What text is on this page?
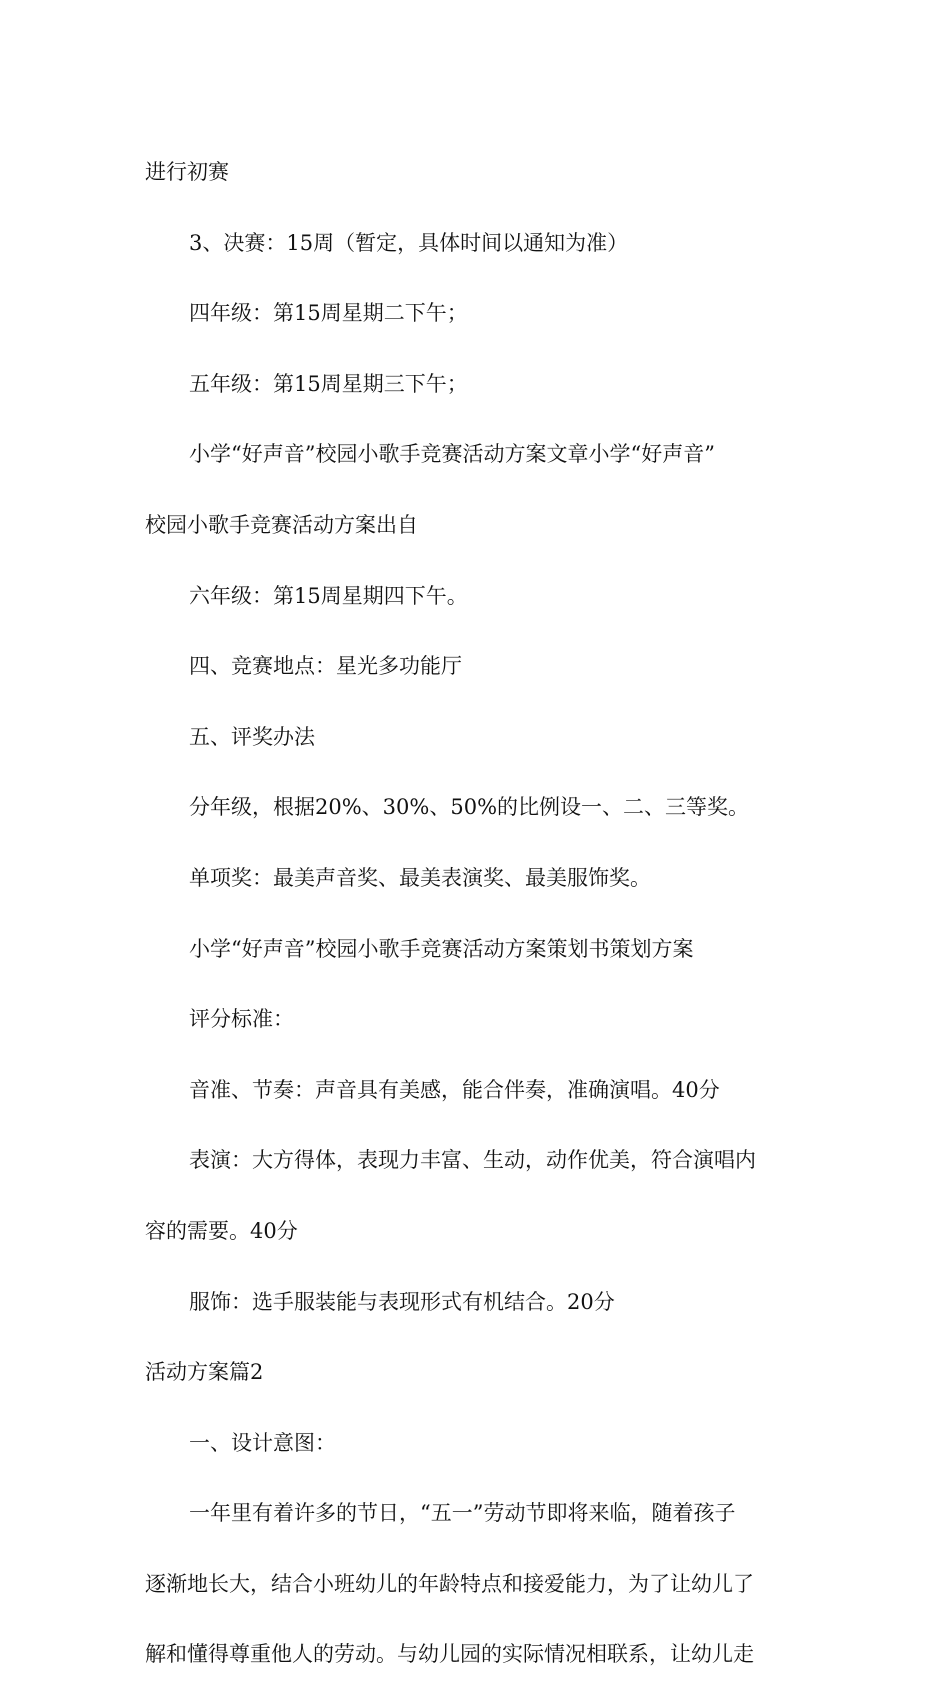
进行初赛

3、决赛：15周（暂定，具体时间以通知为准）

四年级：第15周星期二下午；

五年级：第15周星期三下午；

小学“好声音”校园小歌手竞赛活动方案文章小学“好声音”

校园小歌手竞赛活动方案出自

六年级：第15周星期四下午。

四、竞赛地点：星光多功能厅

五、评奖办法

分年级，根据20%、30%、50%的比例设一、二、三等奖。

单项奖：最美声音奖、最美表演奖、最美服饰奖。

小学“好声音”校园小歌手竞赛活动方案策划书策划方案

评分标准：

音准、节奏：声音具有美感，能合伴奏，准确演唱。40分

表演：大方得体，表现力丰富、生动，动作优美，符合演唱内

容的需要。40分

服饰：选手服装能与表现形式有机结合。20分

活动方案篇2

一、设计意图：

一年里有着许多的节日，“五一”劳动节即将来临，随着孩子

逐渐地长大，结合小班幼儿的年龄特点和接爱能力，为了让幼儿了

解和懂得尊重他人的劳动。与幼儿园的实际情况相联系，让幼儿走
